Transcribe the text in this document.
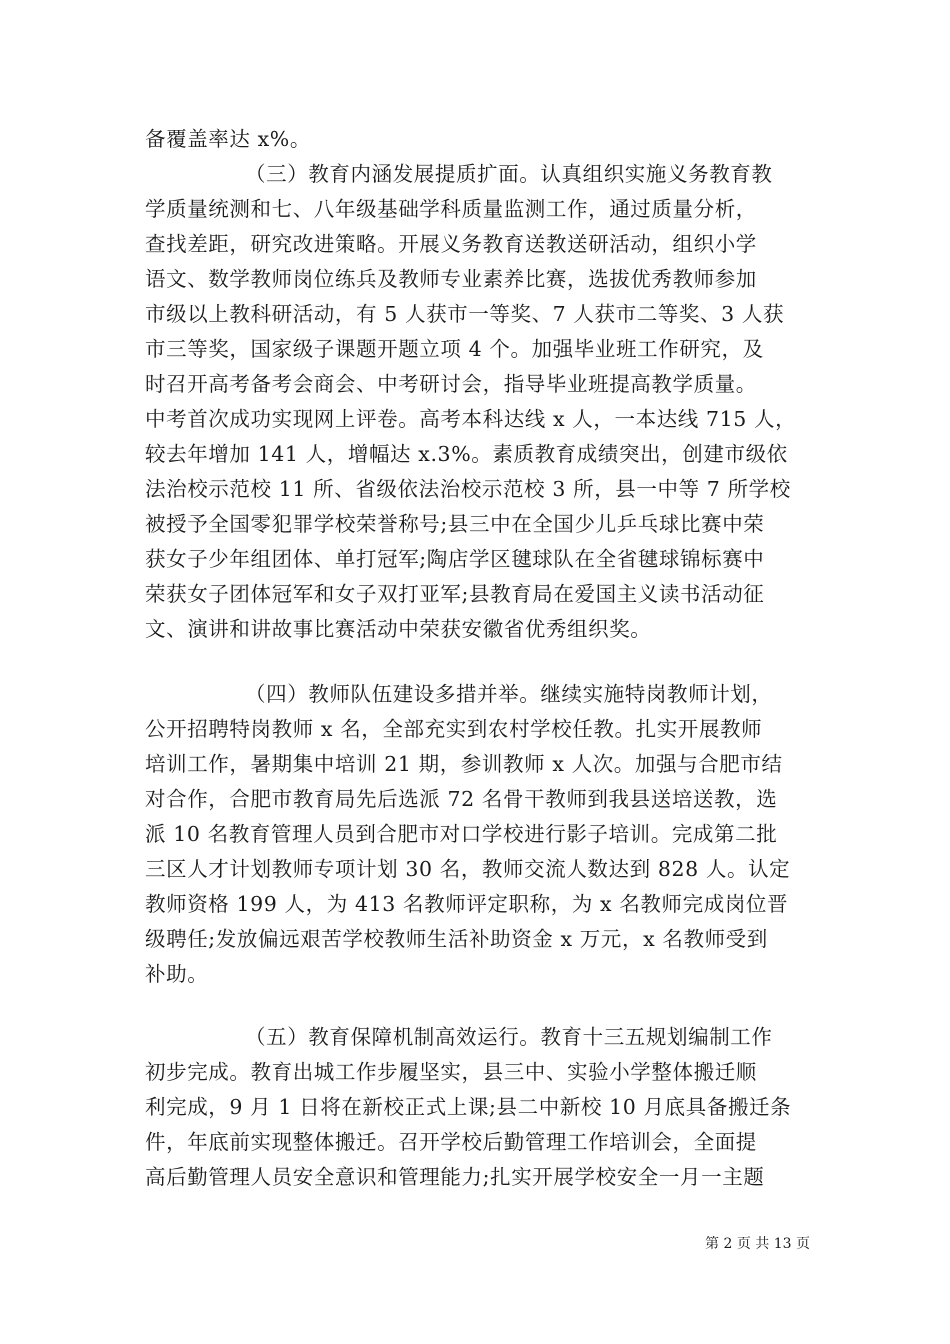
备覆盖率达 x%。
（三）教育内涵发展提质扩面。认真组织实施义务教育教
学质量统测和七、八年级基础学科质量监测工作，通过质量分析，
查找差距，研究改进策略。开展义务教育送教送研活动，组织小学
语文、数学教师岗位练兵及教师专业素养比赛，选拔优秀教师参加
市级以上教科研活动，有 5 人获市一等奖、7 人获市二等奖、3 人获
市三等奖，国家级子课题开题立项 4 个。加强毕业班工作研究，及
时召开高考备考会商会、中考研讨会，指导毕业班提高教学质量。
中考首次成功实现网上评卷。高考本科达线 x 人，一本达线 715 人，
较去年增加 141 人，增幅达 x.3%。素质教育成绩突出，创建市级依
法治校示范校 11 所、省级依法治校示范校 3 所，县一中等 7 所学校
被授予全国零犯罪学校荣誉称号;县三中在全国少儿乒乓球比赛中荣
获女子少年组团体、单打冠军;陶店学区毽球队在全省毽球锦标赛中
荣获女子团体冠军和女子双打亚军;县教育局在爱国主义读书活动征
文、演讲和讲故事比赛活动中荣获安徽省优秀组织奖。
（四）教师队伍建设多措并举。继续实施特岗教师计划，
公开招聘特岗教师 x 名，全部充实到农村学校任教。扎实开展教师
培训工作，暑期集中培训 21 期，参训教师 x 人次。加强与合肥市结
对合作，合肥市教育局先后选派 72 名骨干教师到我县送培送教，选
派 10 名教育管理人员到合肥市对口学校进行影子培训。完成第二批
三区人才计划教师专项计划 30 名，教师交流人数达到 828 人。认定
教师资格 199 人，为 413 名教师评定职称，为 x 名教师完成岗位晋
级聘任;发放偏远艰苦学校教师生活补助资金 x 万元，x 名教师受到
补助。
（五）教育保障机制高效运行。教育十三五规划编制工作
初步完成。教育出城工作步履坚实，县三中、实验小学整体搬迁顺
利完成，9 月 1 日将在新校正式上课;县二中新校 10 月底具备搬迁条
件，年底前实现整体搬迁。召开学校后勤管理工作培训会，全面提
高后勤管理人员安全意识和管理能力;扎实开展学校安全一月一主题
第 2 页 共 13 页
